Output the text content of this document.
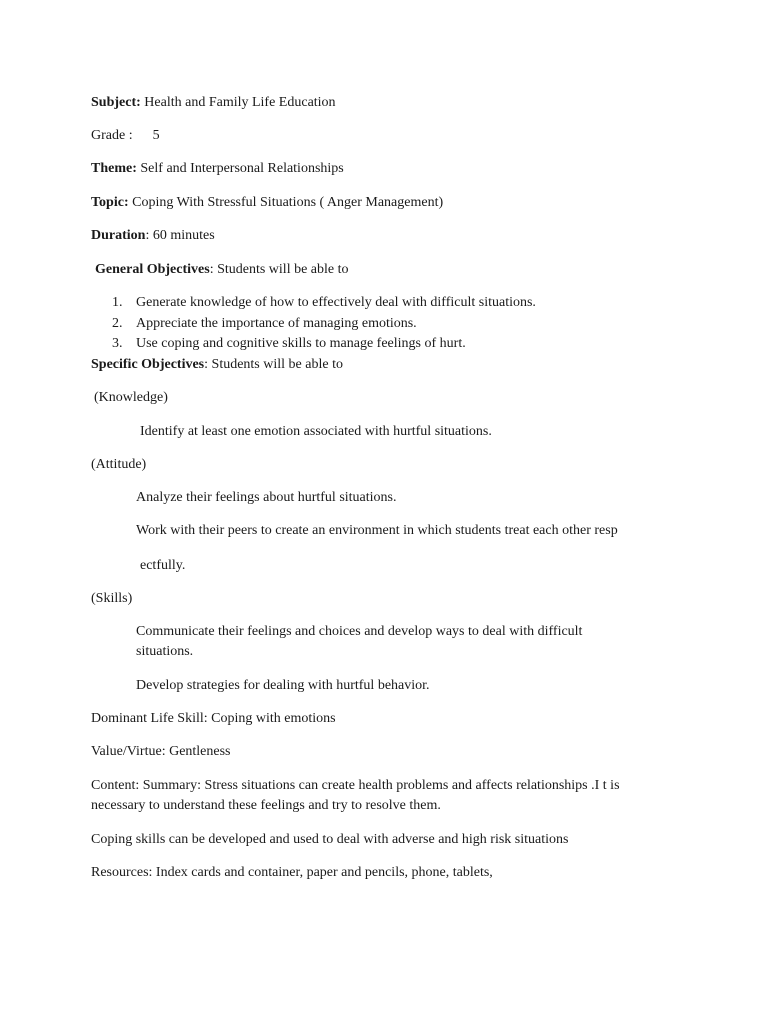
Subject: Health and Family Life Education
Grade : 5
Theme: Self and Interpersonal Relationships
Topic: Coping With Stressful Situations ( Anger Management)
Duration: 60 minutes
General Objectives: Students will be able to
1. Generate knowledge of how to effectively deal with difficult situations.
2. Appreciate the importance of managing emotions.
3. Use coping and cognitive skills to manage feelings of hurt.
Specific Objectives: Students will be able to
(Knowledge)
Identify at least one emotion associated with hurtful situations.
(Attitude)
Analyze their feelings about hurtful situations.
Work with their peers to create an environment in which students treat each other resp
ectfully.
(Skills)
Communicate their feelings and choices and develop ways to deal with difficult
situations.
Develop strategies for dealing with hurtful behavior.
Dominant Life Skill: Coping with emotions
Value/Virtue: Gentleness
Content: Summary: Stress situations can create health problems and affects relationships .I t is
necessary to understand these feelings and try to resolve them.
Coping skills can be developed and used to deal with adverse and high risk situations
Resources: Index cards and container, paper and pencils, phone, tablets,
